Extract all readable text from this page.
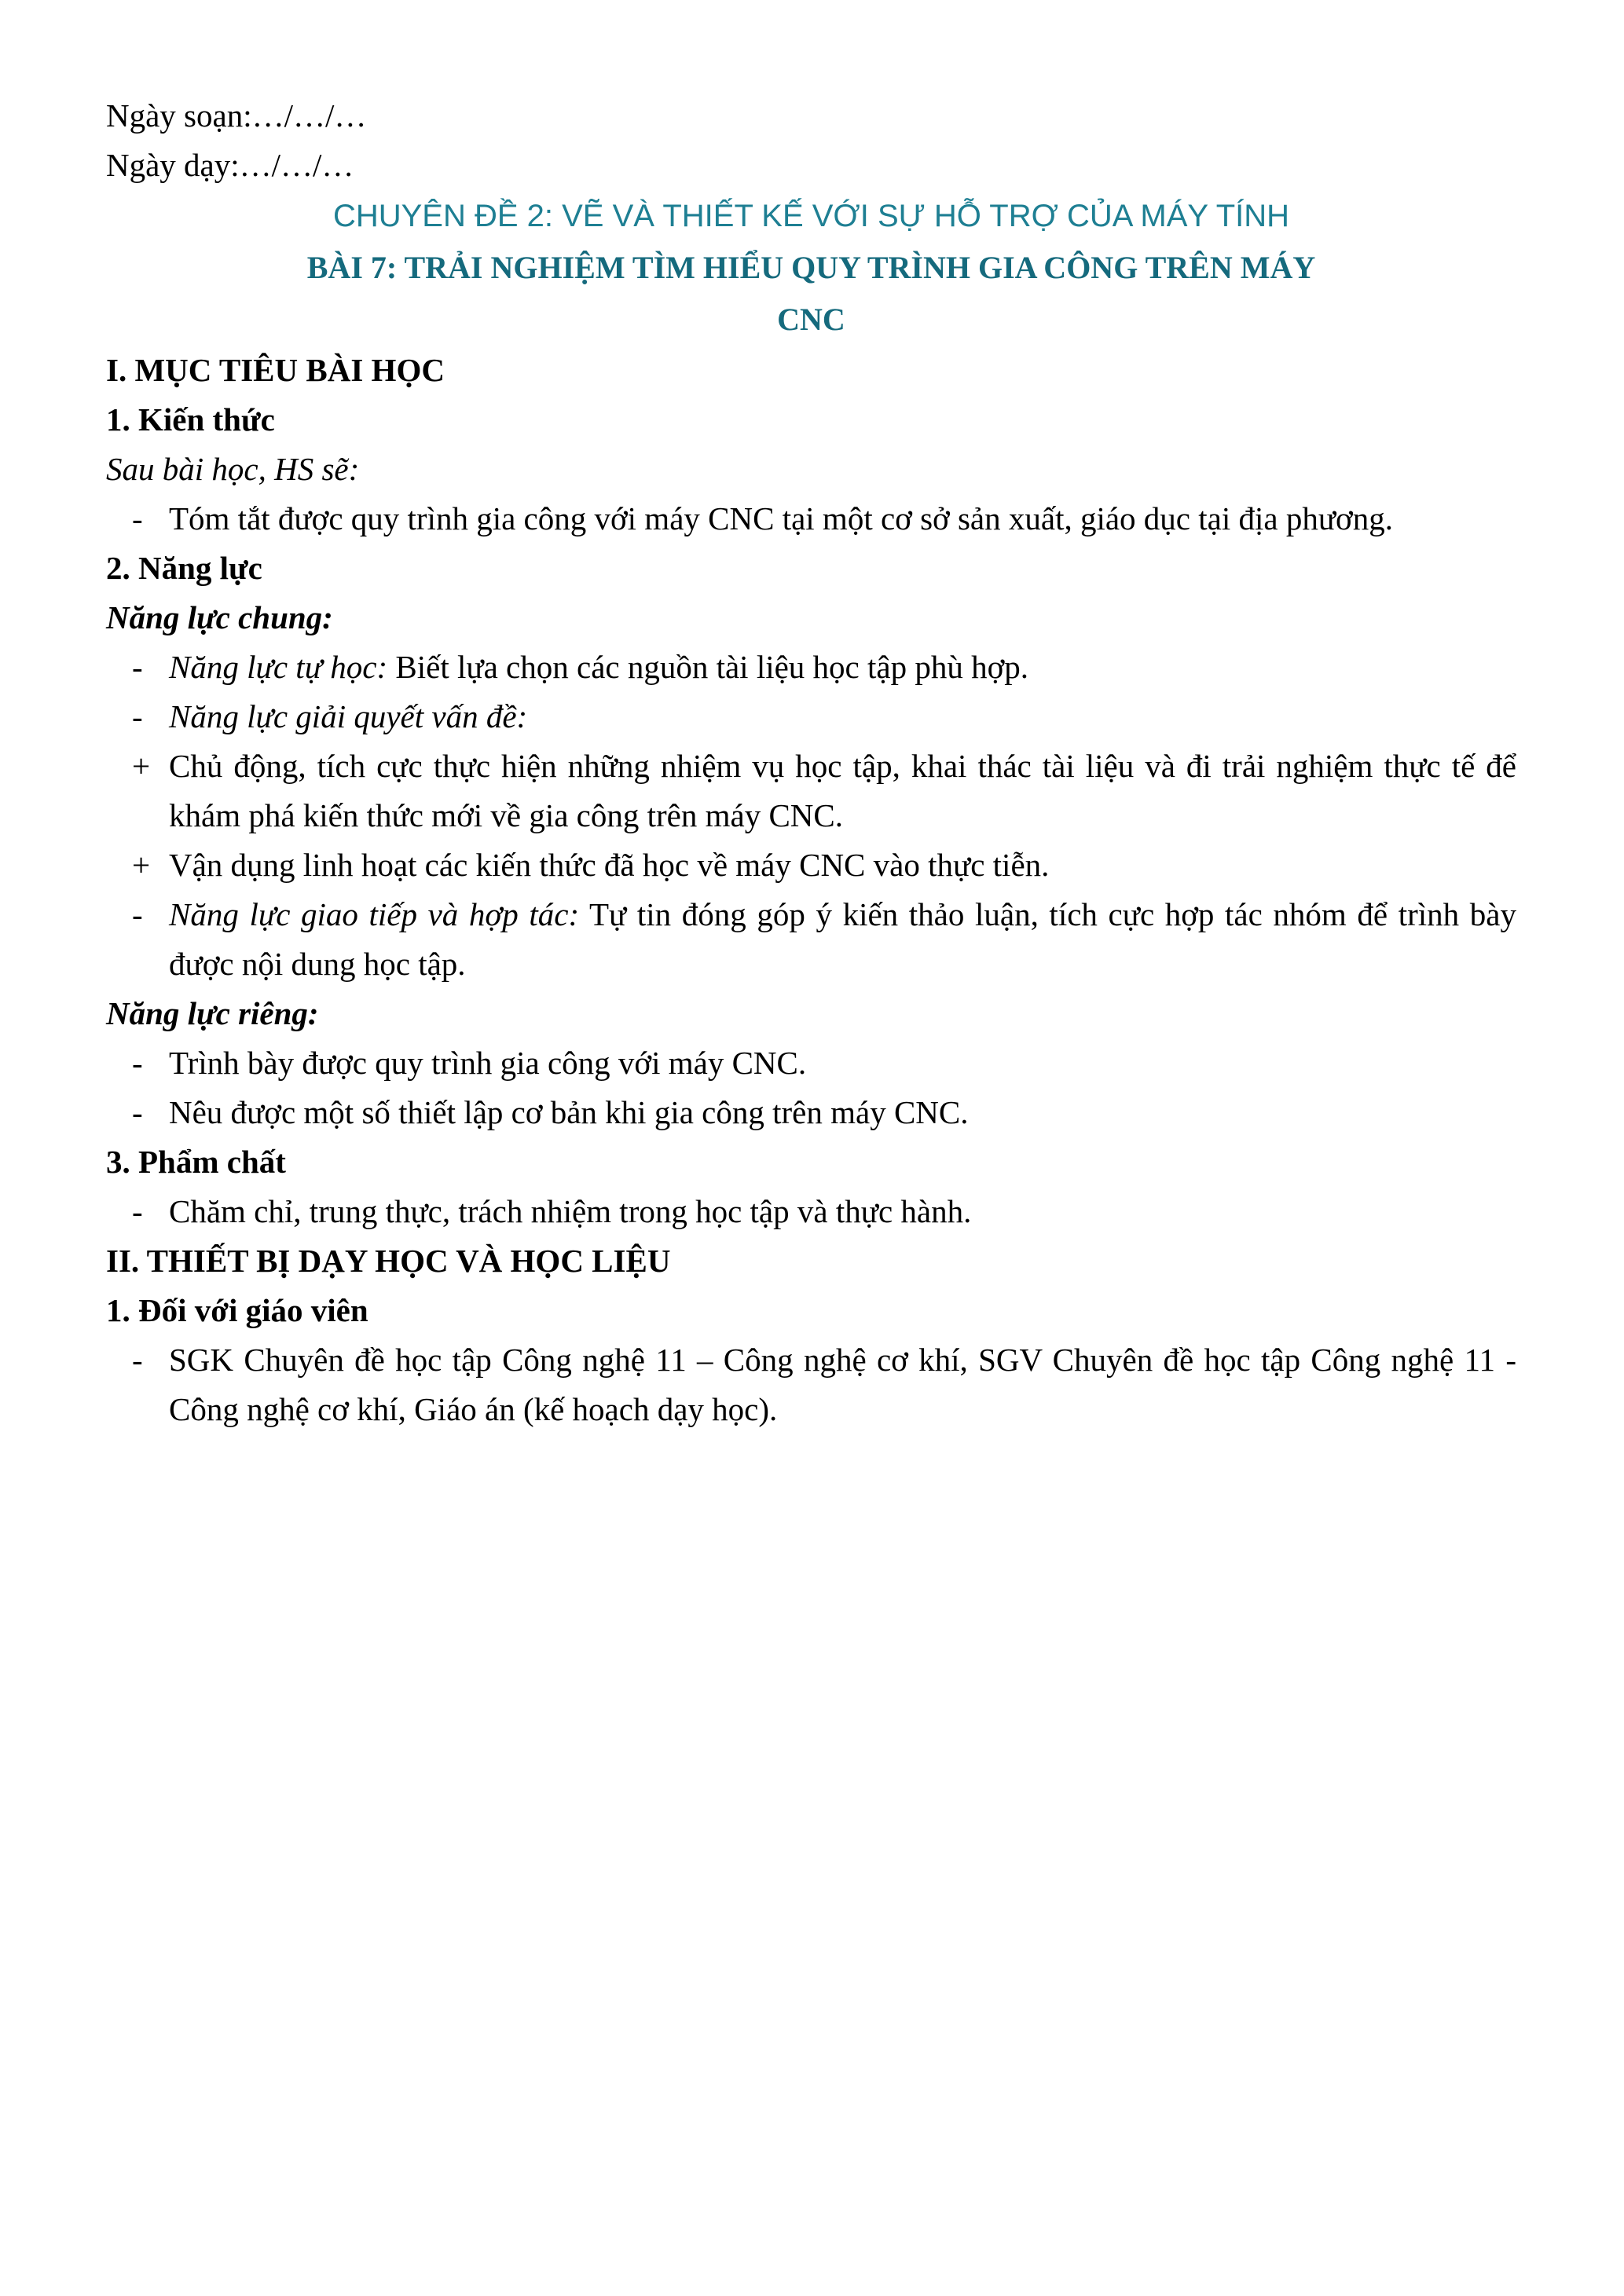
Ngày soạn:…/…/…

Ngày dạy:…/…/…

CHUYÊN ĐỀ 2: VẼ VÀ THIẾT KẾ VỚI SỰ HỖ TRỢ CỦA MÁY TÍNH
BÀI 7: TRẢI NGHIỆM TÌM HIỂU QUY TRÌNH GIA CÔNG TRÊN MÁY
CNC

I. MỤC TIÊU BÀI HỌC

1. Kiến thức

Sau bài học, HS sẽ:

- Tóm tắt được quy trình gia công với máy CNC tại một cơ sở sản xuất, giáo dục tại địa phương.

2. Năng lực

Năng lực chung:

- Năng lực tự học: Biết lựa chọn các nguồn tài liệu học tập phù hợp.

- Năng lực giải quyết vấn đề:

+ Chủ động, tích cực thực hiện những nhiệm vụ học tập, khai thác tài liệu và đi trải nghiệm thực tế để khám phá kiến thức mới về gia công trên máy CNC.

+ Vận dụng linh hoạt các kiến thức đã học về máy CNC vào thực tiễn.

- Năng lực giao tiếp và hợp tác: Tự tin đóng góp ý kiến thảo luận, tích cực hợp tác nhóm để trình bày được nội dung học tập.

Năng lực riêng:

- Trình bày được quy trình gia công với máy CNC.

- Nêu được một số thiết lập cơ bản khi gia công trên máy CNC.

3. Phẩm chất

- Chăm chỉ, trung thực, trách nhiệm trong học tập và thực hành.

II. THIẾT BỊ DẠY HỌC VÀ HỌC LIỆU

1. Đối với giáo viên

- SGK Chuyên đề học tập Công nghệ 11 – Công nghệ cơ khí, SGV Chuyên đề học tập Công nghệ 11 - Công nghệ cơ khí, Giáo án (kế hoạch dạy học).
